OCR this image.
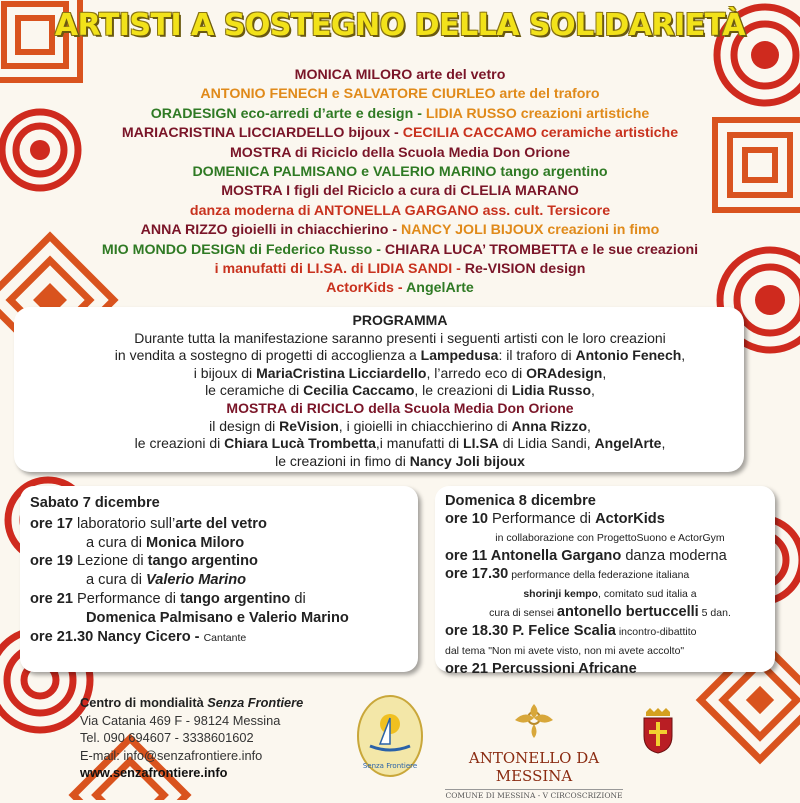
ARTISTI A SOSTEGNO DELLA SOLIDARIETÀ
MONICA MILORO arte del vetro
ANTONIO FENECH e SALVATORE CIURLEO arte del traforo
ORADESIGN eco-arredi d’arte e design - LIDIA RUSSO creazioni artistiche
MARIACRISTINA LICCIARDELLO bijoux - CECILIA CACCAMO ceramiche artistiche
MOSTRA di Riciclo della Scuola Media Don Orione
DOMENICA PALMISANO e VALERIO MARINO tango argentino
MOSTRA I figli del Riciclo a cura di CLELIA MARANO
danza moderna di ANTONELLA GARGANO ass. cult. Tersicore
ANNA RIZZO gioielli in chiacchierino - NANCY JOLI BIJOUX creazioni in fimo
MIO MONDO DESIGN di Federico Russo - CHIARA LUCA’ TROMBETTA e le sue creazioni
i manufatti di LI.SA. di LIDIA SANDI - Re-VISION design
ActorKids - AngelArte
PROGRAMMA
Durante tutta la manifestazione saranno presenti i seguenti artisti con le loro creazioni
in vendita a sostegno di progetti di accoglienza a Lampedusa: il traforo di Antonio Fenech,
i bijoux di MariaCristina Licciardello, l’arredo eco di ORAdesign,
le ceramiche di Cecilia Caccamo, le creazioni di Lidia Russo,
MOSTRA di RICICLO della Scuola Media Don Orione
il design di ReVision, i gioielli in chiacchierino di Anna Rizzo,
le creazioni di Chiara Lucà Trombetta,i manufatti di LI.SA di Lidia Sandi, AngelArte,
le creazioni in fimo di Nancy Joli bijoux
Sabato 7 dicembre
ore 17 laboratorio sull’arte del vetro
a cura di Monica Miloro
ore 19 Lezione di tango argentino
a cura di Valerio Marino
ore 21 Performance di tango argentino di
Domenica Palmisano e Valerio Marino
ore 21.30 Nancy Cicero - Cantante
Domenica 8 dicembre
ore 10 Performance di ActorKids
in collaborazione con ProgettoSuono e ActorGym
ore 11 Antonella Gargano danza moderna
ore 17.30 performance della federazione italiana
shorinji kempo, comitato sud italia a
cura di sensei antonello bertuccelli 5 dan.
ore 18.30 P. Felice Scalia incontro-dibattito
dal tema "Non mi avete visto, non mi avete accolto"
ore 21 Percussioni Africane
Centro di mondialità Senza Frontiere
Via Catania 469 F - 98124 Messina
Tel. 090 694607 - 3338601602
E-mail: info@senzafrontiere.info
www.senzafrontiere.info	Senza Frontiere	ANTONELLO DA MESSINA
COMUNE DI MESSINA - V CIRCOSCRIZIONE
